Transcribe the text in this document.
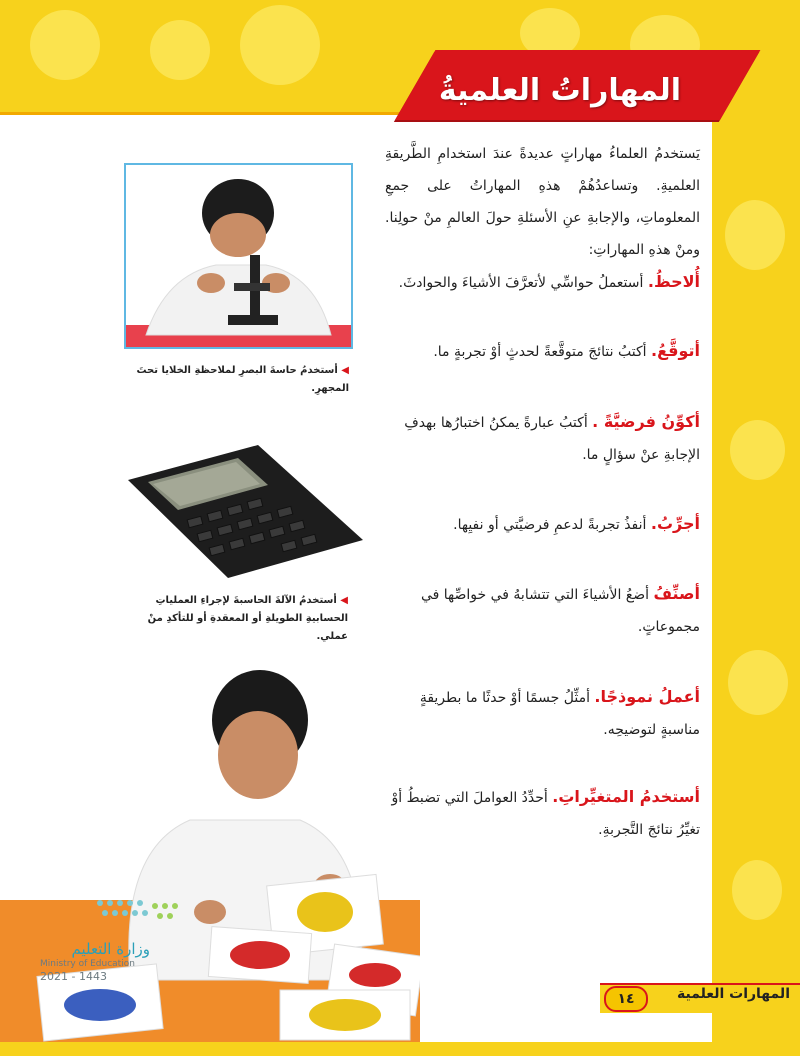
المهاراتُ العلميةُ
يَستخدمُ العلماءُ مهاراتٍ عديدةً عندَ استخدامِ الطَّريقةِ العلميةِ. وتساعدُهُمْ هذهِ المهاراتُ على جمعِ المعلوماتِ، والإجابةِ عنِ الأسئلةِ حولَ العالمِ منْ حولِنا. ومنْ هذهِ المهاراتِ:
أُلاحظُ. أستعملُ حواسِّي لأتعرَّفَ الأشياءَ والحوادثَ.
أتوقَّعُ. أكتبُ نتائجَ متوقَّعةً لحدثٍ أوْ تجربةٍ ما.
أكوِّنُ فرضيَّةً . أكتبُ عبارةً يمكنُ اختبارُها بهدفِ الإجابةِ عنْ سؤالٍ ما.
أجرِّبُ. أنفذُ تجربةً لدعمِ فرضيَّتي أو نفيِها.
أصنِّفُ أضعُ الأشياءَ التي تتشابهُ في خواصِّها في مجموعاتٍ.
أعملُ نموذجًا. أمثِّلُ جسمًا أوْ حدثًا ما بطريقةٍ مناسبةٍ لتوضيحِه.
أستخدمُ المتغيِّراتِ. أحدِّدُ العواملَ التي تضبطُ أوْ تغيِّرُ نتائجَ التَّجربةِ.
◀ أستخدمُ حاسةَ البصرِ لملاحظةِ الخلايا تحتَ المجهرِ.
◀ أستخدمُ الآلةَ الحاسبةَ لإجراءِ العملياتِ الحسابيةِ الطويلةِ أو المعقدةِ أو للتأكدِ منْ عملي.
وزارة التعليم
Ministry of Education
2021 - 1443
المهارات العلمية
١٤
